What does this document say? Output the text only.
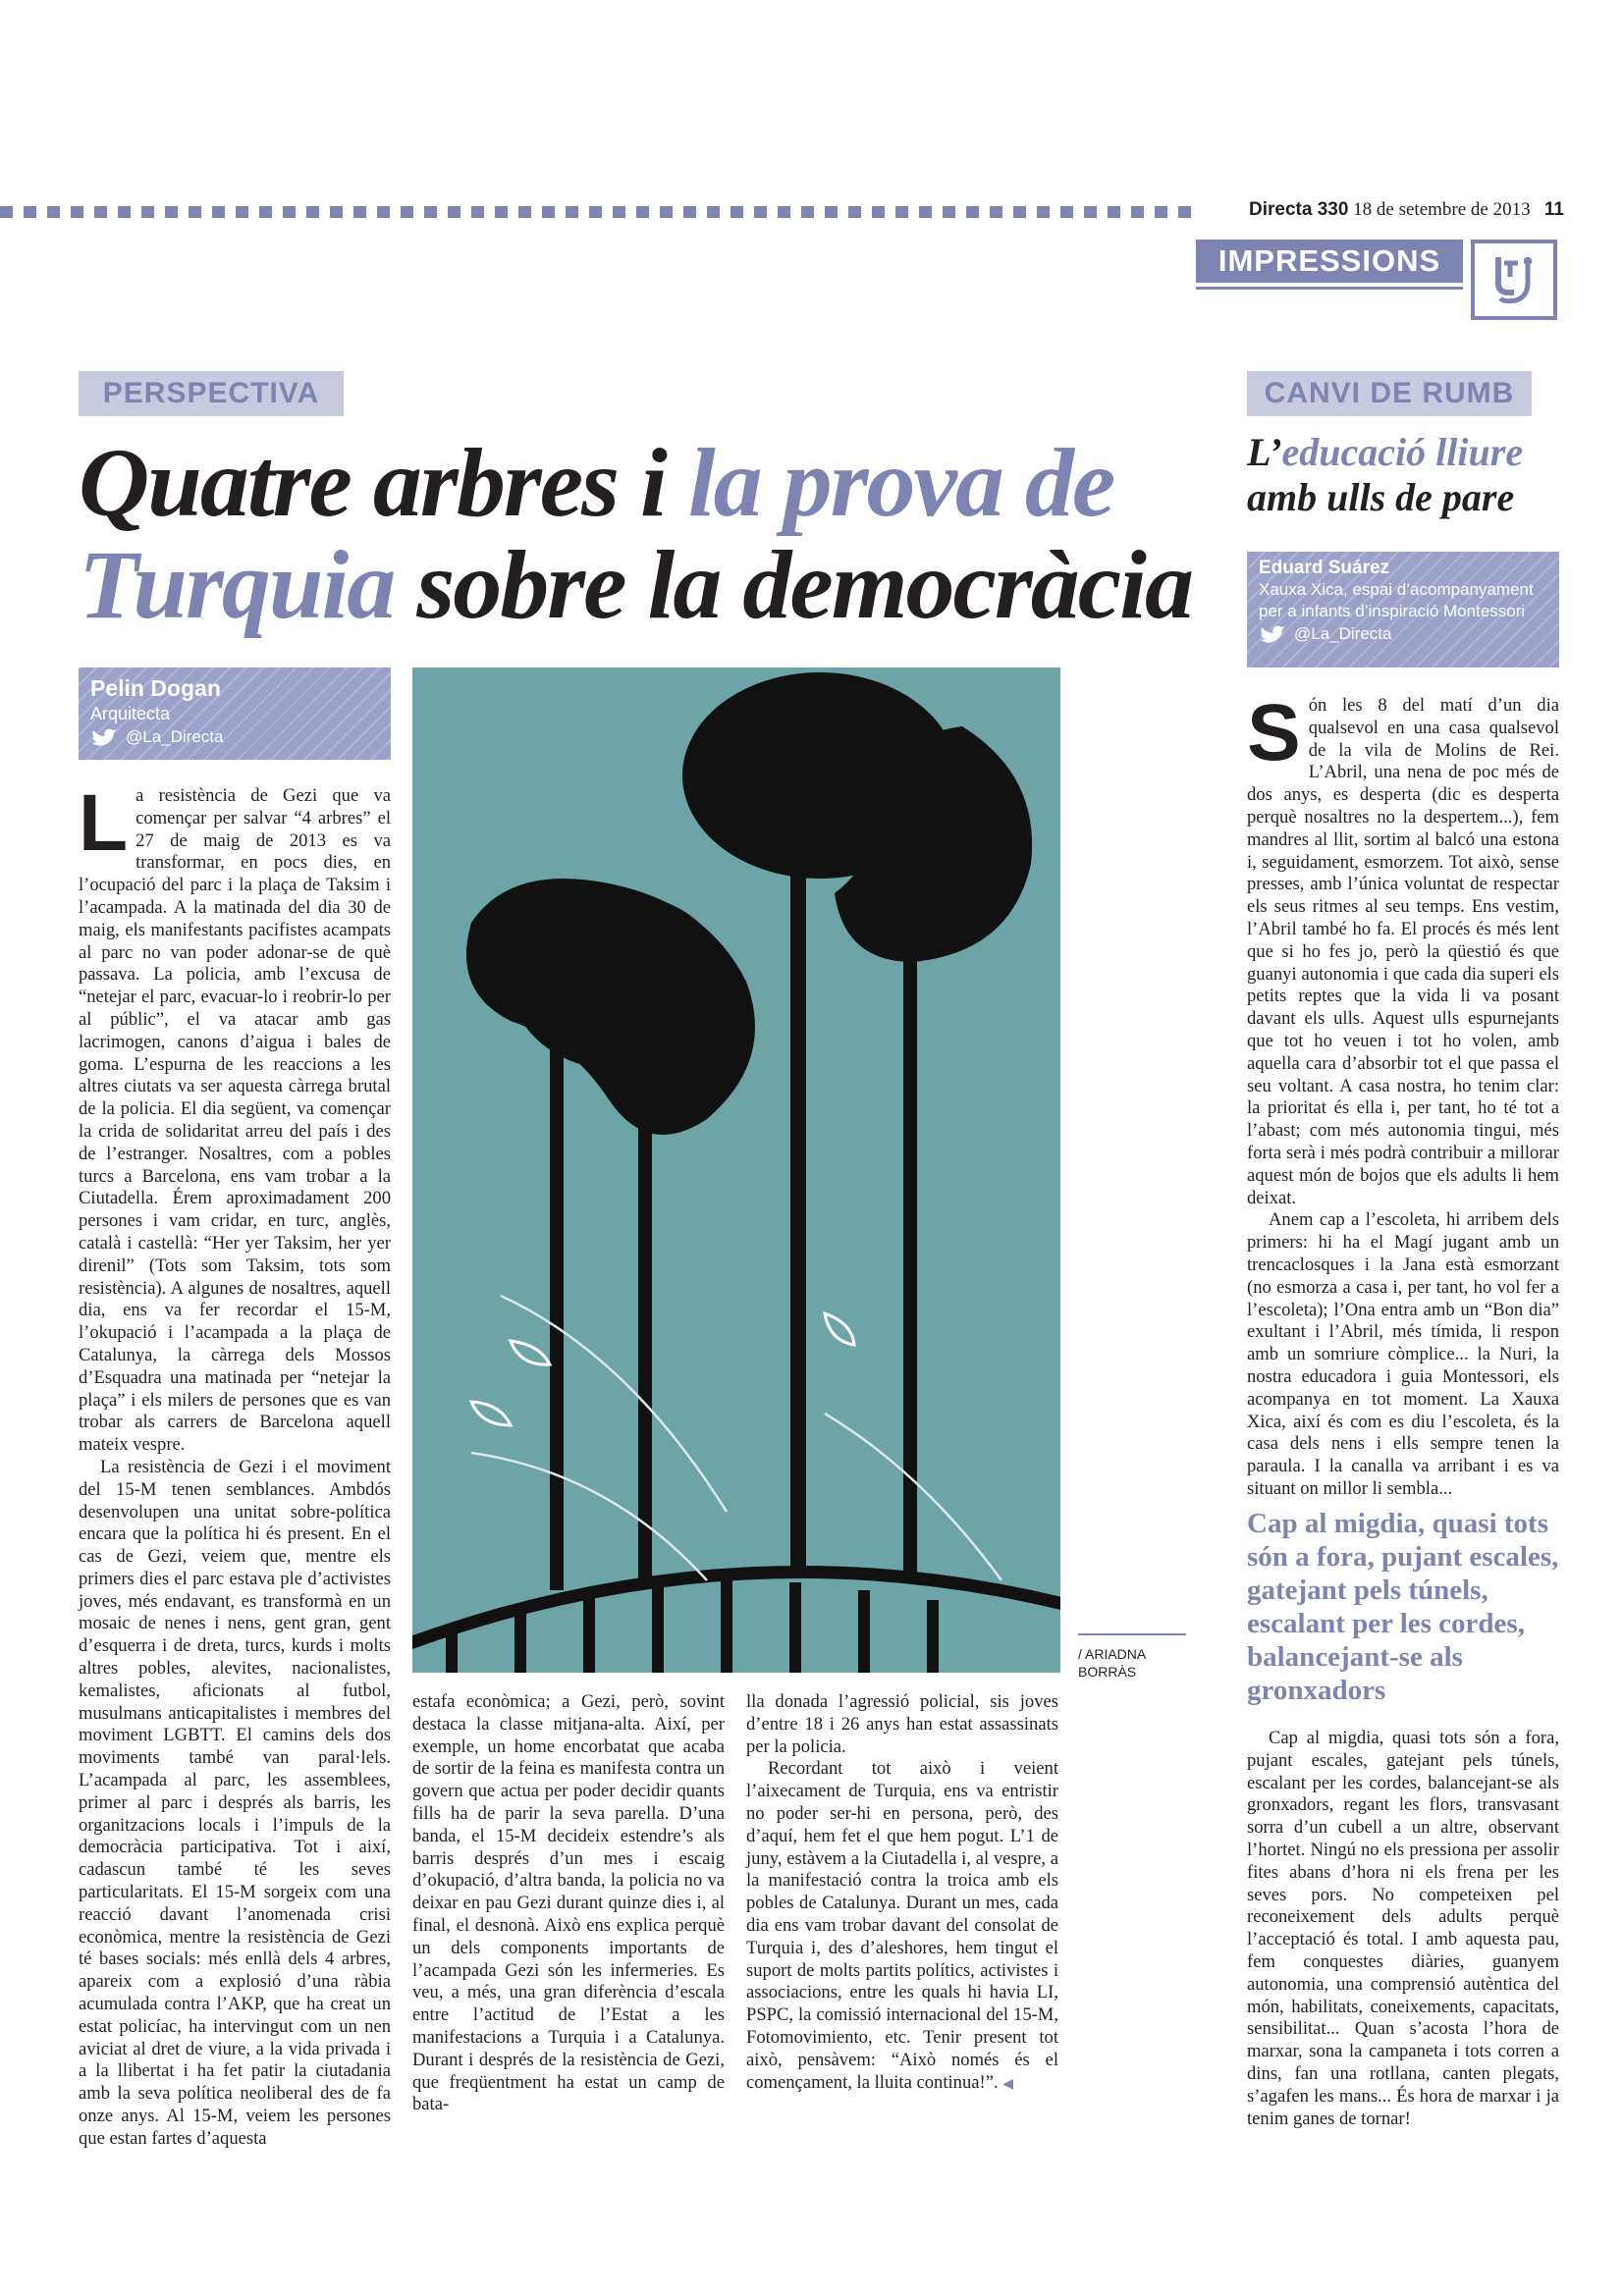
Directa 330 18 de setembre de 2013 11
IMPRESSIONS
PERSPECTIVA
Quatre arbres i la prova de
Turquia sobre la democràcia
Pelin Dogan
Arquitecta
@La_Directa

La resistència de Gezi que va començar per salvar “4 arbres” el 27 de maig de 2013 es va transformar, en pocs dies, en l’ocupació del parc i la plaça de Taksim i l’acampada. A la matinada del dia 30 de maig, els manifestants pacifistes acampats al parc no van poder adonar-se de què passava. La policia, amb l’excusa de “netejar el parc, evacuar-lo i reobrir-lo per al públic”, el va atacar amb gas lacrimogen, canons d’aigua i bales de goma. L’espurna de les reaccions a les altres ciutats va ser aquesta càrrega brutal de la policia. El dia següent, va començar la crida de solidaritat arreu del país i des de l’estranger. Nosaltres, com a pobles turcs a Barcelona, ens vam trobar a la Ciutadella. Érem aproximadament 200 persones i vam cridar, en turc, anglès, català i castellà: “Her yer Taksim, her yer direnil” (Tots som Taksim, tots som resistència). A algunes de nosaltres, aquell dia, ens va fer recordar el 15-M, l’okupació i l’acampada a la plaça de Catalunya, la càrrega dels Mossos d’Esquadra una matinada per “netejar la plaça” i els milers de persones que es van trobar als carrers de Barcelona aquell mateix vespre.

La resistència de Gezi i el moviment del 15-M tenen semblances. Ambdós desenvolupen una unitat sobre-política encara que la política hi és present. En el cas de Gezi, veiem que, mentre els primers dies el parc estava ple d’activistes joves, més endavant, es transformà en un mosaic de nenes i nens, gent gran, gent d’esquerra i de dreta, turcs, kurds i molts altres pobles, alevites, nacionalistes, kemalistes, aficionats al futbol, musulmans anticapitalistes i membres del moviment LGBTT. El camins dels dos moviments també van paral·lels. L’acampada al parc, les assemblees, primer al parc i després als barris, les organitzacions locals i l’impuls de la democràcia participativa. Tot i així, cadascun també té les seves particularitats. El 15-M sorgeix com una reacció davant l’anomenada crisi econòmica, mentre la resistència de Gezi té bases socials: més enllà dels 4 arbres, apareix com a explosió d’una ràbia acumulada contra l’AKP, que ha creat un estat policíac, ha intervingut com un nen aviciat al dret de viure, a la vida privada i a la llibertat i ha fet patir la ciutadania amb la seva política neoliberal des de fa onze anys. Al 15-M, veiem les persones que estan fartes d’aquesta

/ ARIADNA BORRÀS

estafa econòmica; a Gezi, però, sovint destaca la classe mitjana-alta. Així, per exemple, un home encorbatat que acaba de sortir de la feina es manifesta contra un govern que actua per poder decidir quants fills ha de parir la seva parella. D’una banda, el 15-M decideix estendre’s als barris després d’un mes i escaig d’okupació, d’altra banda, la policia no va deixar en pau Gezi durant quinze dies i, al final, el desnonà. Això ens explica perquè un dels components importants de l’acampada Gezi són les infermeries. Es veu, a més, una gran diferència d’escala entre l’actitud de l’Estat a les manifestacions a Turquia i a Catalunya. Durant i després de la resistència de Gezi, que freqüentment ha estat un camp de bata-

lla donada l’agressió policial, sis joves d’entre 18 i 26 anys han estat assassinats per la policia.

Recordant tot això i veient l’aixecament de Turquia, ens va entristir no poder ser-hi en persona, però, des d’aquí, hem fet el que hem pogut. L’1 de juny, estàvem a la Ciutadella i, al vespre, a la manifestació contra la troica amb els pobles de Catalunya. Durant un mes, cada dia ens vam trobar davant del consolat de Turquia i, des d’aleshores, hem tingut el suport de molts partits polítics, activistes i associacions, entre les quals hi havia LI, PSPC, la comissió internacional del 15-M, Fotomovimiento, etc. Tenir present tot això, pensàvem: “Això només és el començament, la lluita continua!”. ◀

CANVI DE RUMB
L’educació lliure
amb ulls de pare
Eduard Suárez
Xauxa Xica, espai d’acompanyament per a infants d’inspiració Montessori
@La_Directa

Són les 8 del matí d’un dia qualsevol en una casa qualsevol de la vila de Molins de Rei. L’Abril, una nena de poc més de dos anys, es desperta (dic es desperta perquè nosaltres no la despertem...), fem mandres al llit, sortim al balcó una estona i, seguidament, esmorzem. Tot això, sense presses, amb l’única voluntat de respectar els seus ritmes al seu temps. Ens vestim, l’Abril també ho fa. El procés és més lent que si ho fes jo, però la qüestió és que guanyi autonomia i que cada dia superi els petits reptes que la vida li va posant davant els ulls. Aquest ulls espurnejants que tot ho veuen i tot ho volen, amb aquella cara d’absorbir tot el que passa el seu voltant. A casa nostra, ho tenim clar: la prioritat és ella i, per tant, ho té tot a l’abast; com més autonomia tingui, més forta serà i més podrà contribuir a millorar aquest món de bojos que els adults li hem deixat.

Anem cap a l’escoleta, hi arribem dels primers: hi ha el Magí jugant amb un trencaclosques i la Jana està esmorzant (no esmorza a casa i, per tant, ho vol fer a l’escoleta); l’Ona entra amb un “Bon dia” exultant i l’Abril, més tímida, li respon amb un somriure còmplice... la Nuri, la nostra educadora i guia Montessori, els acompanya en tot moment. La Xauxa Xica, així és com es diu l’escoleta, és la casa dels nens i ells sempre tenen la paraula. I la canalla va arribant i es va situant on millor li sembla...

Cap al migdia, quasi tots són a fora, pujant escales, gatejant pels túnels, escalant per les cordes, balancejant-se als gronxadors

Cap al migdia, quasi tots són a fora, pujant escales, gatejant pels túnels, escalant per les cordes, balancejant-se als gronxadors, regant les flors, transvasant sorra d’un cubell a un altre, observant l’hortet. Ningú no els pressiona per assolir fites abans d’hora ni els frena per les seves pors. No competeixen pel reconeixement dels adults perquè l’acceptació és total. I amb aquesta pau, fem conquestes diàries, guanyem autonomia, una comprensió autèntica del món, habilitats, coneixements, capacitats, sensibilitat... Quan s’acosta l’hora de marxar, sona la campaneta i tots corren a dins, fan una rotllana, canten plegats, s’agafen les mans... És hora de marxar i ja tenim ganes de tornar!
